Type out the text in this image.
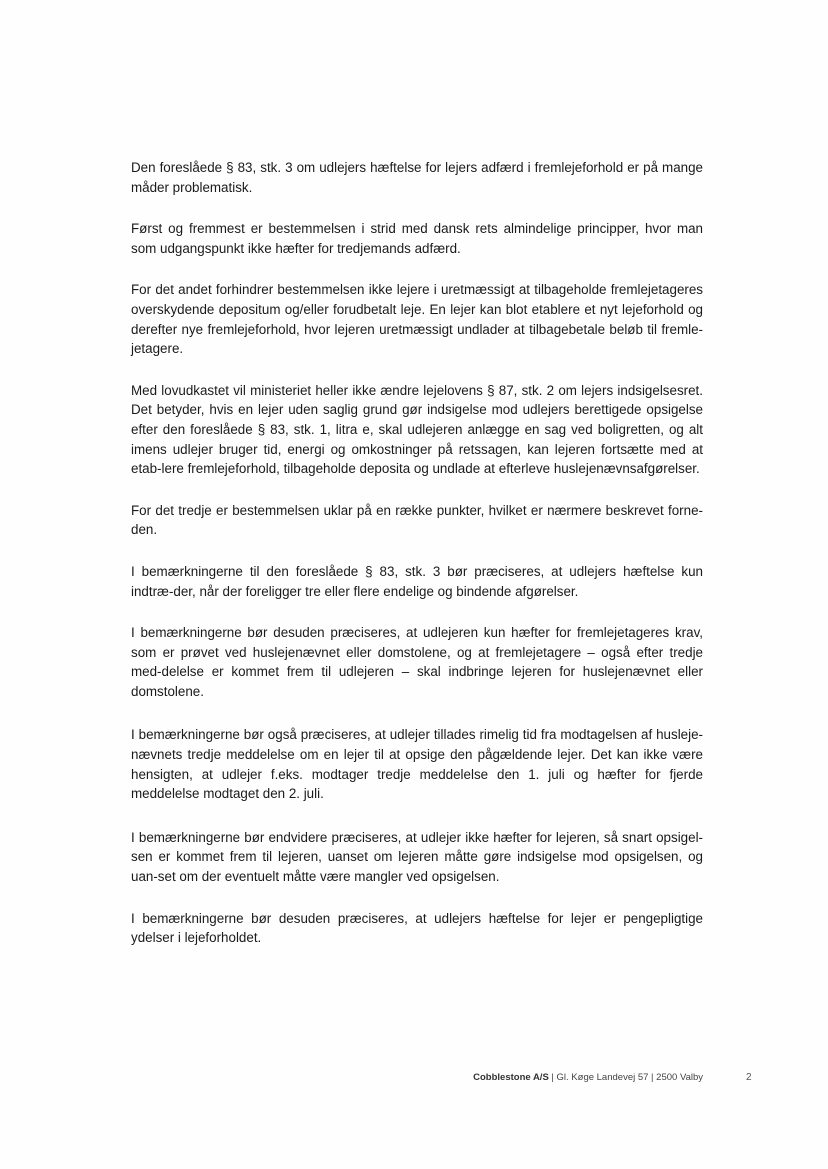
Den foreslåede § 83, stk. 3 om udlejers hæftelse for lejers adfærd i fremlejeforhold er på mange måder problematisk.

Først og fremmest er bestemmelsen i strid med dansk rets almindelige principper, hvor man som udgangspunkt ikke hæfter for tredjemands adfærd.

For det andet forhindrer bestemmelsen ikke lejere i uretmæssigt at tilbageholde fremlejetageres overskydende depositum og/eller forudbetalt leje. En lejer kan blot etablere et nyt lejeforhold og derefter nye fremlejeforhold, hvor lejeren uretmæssigt undlader at tilbagebetale beløb til fremle-jetagere.

Med lovudkastet vil ministeriet heller ikke ændre lejelovens § 87, stk. 2 om lejers indsigelsesret. Det betyder, hvis en lejer uden saglig grund gør indsigelse mod udlejers berettigede opsigelse efter den foreslåede § 83, stk. 1, litra e, skal udlejeren anlægge en sag ved boligretten, og alt imens udlejer bruger tid, energi og omkostninger på retssagen, kan lejeren fortsætte med at etab-lere fremlejeforhold, tilbageholde deposita og undlade at efterleve huslejenævnsafgørelser.

For det tredje er bestemmelsen uklar på en række punkter, hvilket er nærmere beskrevet forne-den.

I bemærkningerne til den foreslåede § 83, stk. 3 bør præciseres, at udlejers hæftelse kun indtræ-der, når der foreligger tre eller flere endelige og bindende afgørelser.

I bemærkningerne bør desuden præciseres, at udlejeren kun hæfter for fremlejetageres krav, som er prøvet ved huslejenævnet eller domstolene, og at fremlejetagere – også efter tredje med-delelse er kommet frem til udlejeren – skal indbringe lejeren for huslejenævnet eller domstolene.

I bemærkningerne bør også præciseres, at udlejer tillades rimelig tid fra modtagelsen af husleje-nævnets tredje meddelelse om en lejer til at opsige den pågældende lejer. Det kan ikke være hensigten, at udlejer f.eks. modtager tredje meddelelse den 1. juli og hæfter for fjerde meddelelse modtaget den 2. juli.

I bemærkningerne bør endvidere præciseres, at udlejer ikke hæfter for lejeren, så snart opsigel-sen er kommet frem til lejeren, uanset om lejeren måtte gøre indsigelse mod opsigelsen, og uan-set om der eventuelt måtte være mangler ved opsigelsen.

I bemærkningerne bør desuden præciseres, at udlejers hæftelse for lejer er pengepligtige ydelser i lejeforholdet.

Cobblestone A/S | Gl. Køge Landevej 57 | 2500 Valby	2
